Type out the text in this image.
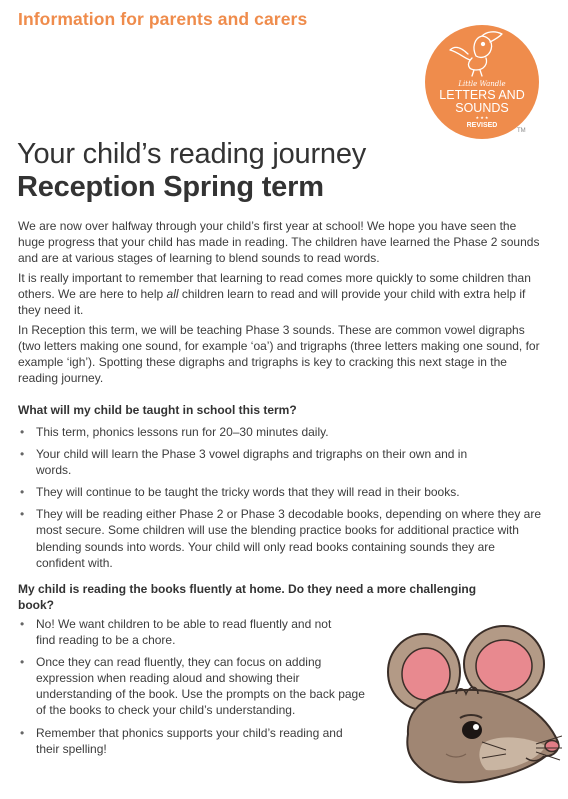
Information for parents and carers
Little Wandle
LETTERS AND
SOUNDS
★ ★ ★
REVISED
TM
Your child’s reading journey
Reception Spring term
We are now over halfway through your child’s first year at school! We hope you have seen the huge progress that your child has made in reading. The children have learned the Phase 2 sounds and are at various stages of learning to blend sounds to read words.
It is really important to remember that learning to read comes more quickly to some children than others. We are here to help all children learn to read and will provide your child with extra help if they need it.
In Reception this term, we will be teaching Phase 3 sounds. These are common vowel digraphs (two letters making one sound, for example ‘oa’) and trigraphs (three letters making one sound, for example ‘igh’). Spotting these digraphs and trigraphs is key to cracking this next stage in the reading journey.
What will my child be taught in school this term?
• This term, phonics lessons run for 20–30 minutes daily.
• Your child will learn the Phase 3 vowel digraphs and trigraphs on their own and in words.
• They will continue to be taught the tricky words that they will read in their books.
• They will be reading either Phase 2 or Phase 3 decodable books, depending on where they are most secure. Some children will use the blending practice books for additional practice with blending sounds into words. Your child will only read books containing sounds they are confident with.
My child is reading the books fluently at home. Do they need a more challenging book?
• No! We want children to be able to read fluently and not find reading to be a chore.
• Once they can read fluently, they can focus on adding expression when reading aloud and showing their understanding of the book. Use the prompts on the back page of the books to check your child’s understanding.
• Remember that phonics supports your child’s reading and their spelling!
